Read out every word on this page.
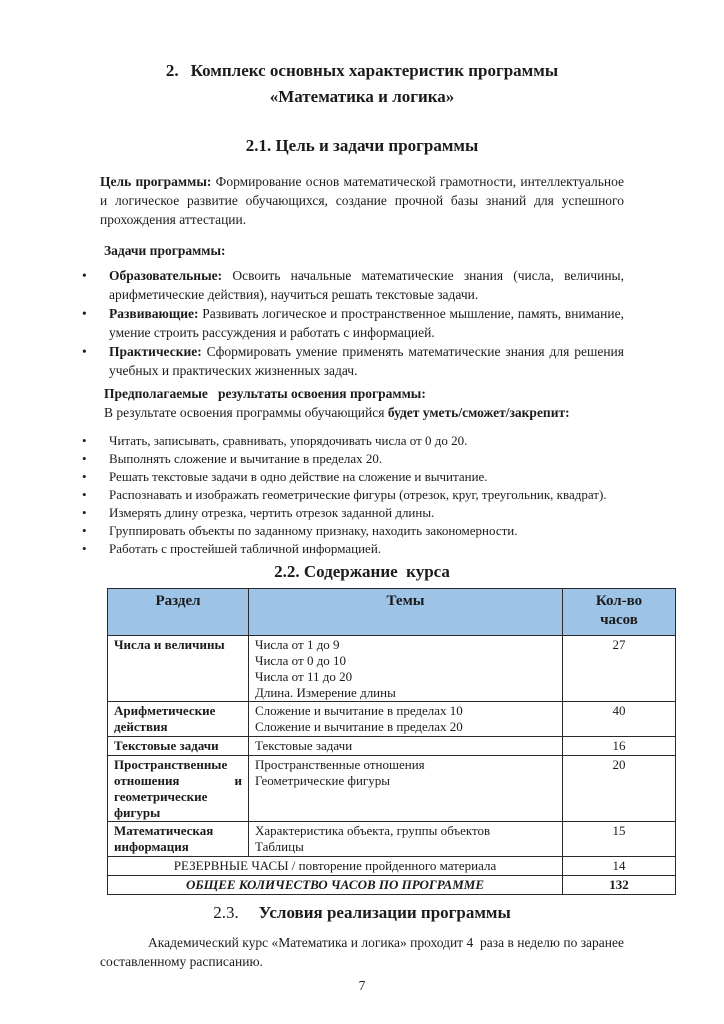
2. Комплекс основных характеристик программы
«Математика и логика»
2.1. Цель и задачи программы
Цель программы: Формирование основ математической грамотности, интеллектуальное и логическое развитие обучающихся, создание прочной базы знаний для успешного прохождения аттестации.
Задачи программы:
•	Образовательные: Освоить начальные математические знания (числа, величины, арифметические действия), научиться решать текстовые задачи.
•	Развивающие: Развивать логическое и пространственное мышление, память, внимание, умение строить рассуждения и работать с информацией.
•	Практические: Сформировать умение применять математические знания для решения учебных и практических жизненных задач.
Предполагаемые   результаты освоения программы:
В результате освоения программы обучающийся будет уметь/сможет/закрепит:
•	Читать, записывать, сравнивать, упорядочивать числа от 0 до 20.
•	Выполнять сложение и вычитание в пределах 20.
•	Решать текстовые задачи в одно действие на сложение и вычитание.
•	Распознавать и изображать геометрические фигуры (отрезок, круг, треугольник, квадрат).
•	Измерять длину отрезка, чертить отрезок заданной длины.
•	Группировать объекты по заданному признаку, находить закономерности.
•	Работать с простейшей табличной информацией.
2.2. Содержание  курса
Раздел	Темы	Кол-во
часов

Числа и величины	Числа от 1 до 9
Числа от 0 до 10
Числа от 11 до 20
Длина. Измерение длины	27
Арифметические действия	Сложение и вычитание в пределах 10
Сложение и вычитание в пределах 20	40
Текстовые задачи	Текстовые задачи	16
Пространственные отношения и геометрические фигуры	Пространственные отношения
Геометрические фигуры	20
Математическая информация	Характеристика объекта, группы объектов
Таблицы	15
РЕЗЕРВНЫЕ ЧАСЫ / повторение пройденного материала		14
ОБЩЕЕ КОЛИЧЕСТВО ЧАСОВ ПО ПРОГРАММЕ		132
2.3. Условия реализации программы
Академический курс «Математика и логика» проходит 4  раза в неделю по заранее составленному расписанию.
7
